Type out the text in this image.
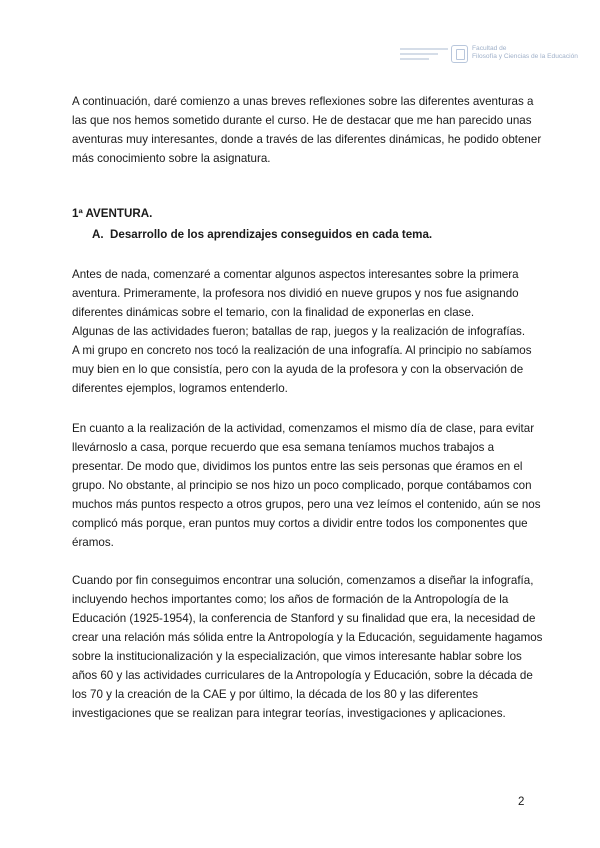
Facultad de
Filosofía y Ciencias de la Educación
A continuación, daré comienzo a unas breves reflexiones sobre las diferentes aventuras a
las que nos hemos sometido durante el curso. He de destacar que me han parecido unas
aventuras muy interesantes, donde a través de las diferentes dinámicas, he podido obtener
más conocimiento sobre la asignatura.
1ª AVENTURA.
A. Desarrollo de los aprendizajes conseguidos en cada tema.
Antes de nada, comenzaré a comentar algunos aspectos interesantes sobre la primera
aventura. Primeramente, la profesora nos dividió en nueve grupos y nos fue asignando
diferentes dinámicas sobre el temario, con la finalidad de exponerlas en clase.
Algunas de las actividades fueron; batallas de rap, juegos y la realización de infografías.
A mi grupo en concreto nos tocó la realización de una infografía. Al principio no sabíamos
muy bien en lo que consistía, pero con la ayuda de la profesora y con la observación de
diferentes ejemplos, logramos entenderlo.
En cuanto a la realización de la actividad, comenzamos el mismo día de clase, para evitar
llevárnoslo a casa, porque recuerdo que esa semana teníamos muchos trabajos a
presentar. De modo que, dividimos los puntos entre las seis personas que éramos en el
grupo. No obstante, al principio se nos hizo un poco complicado, porque contábamos con
muchos más puntos respecto a otros grupos, pero una vez leímos el contenido, aún se nos
complicó más porque, eran puntos muy cortos a dividir entre todos los componentes que
éramos.
Cuando por fin conseguimos encontrar una solución, comenzamos a diseñar la infografía,
incluyendo hechos importantes como; los años de formación de la Antropología de la
Educación (1925-1954), la conferencia de Stanford y su finalidad que era, la necesidad de
crear una relación más sólida entre la Antropología y la Educación, seguidamente hagamos
sobre la institucionalización y la especialización, que vimos interesante hablar sobre los
años 60 y las actividades curriculares de la Antropología y Educación, sobre la década de
los 70 y la creación de la CAE y por último, la década de los 80 y las diferentes
investigaciones que se realizan para integrar teorías, investigaciones y aplicaciones.
2
